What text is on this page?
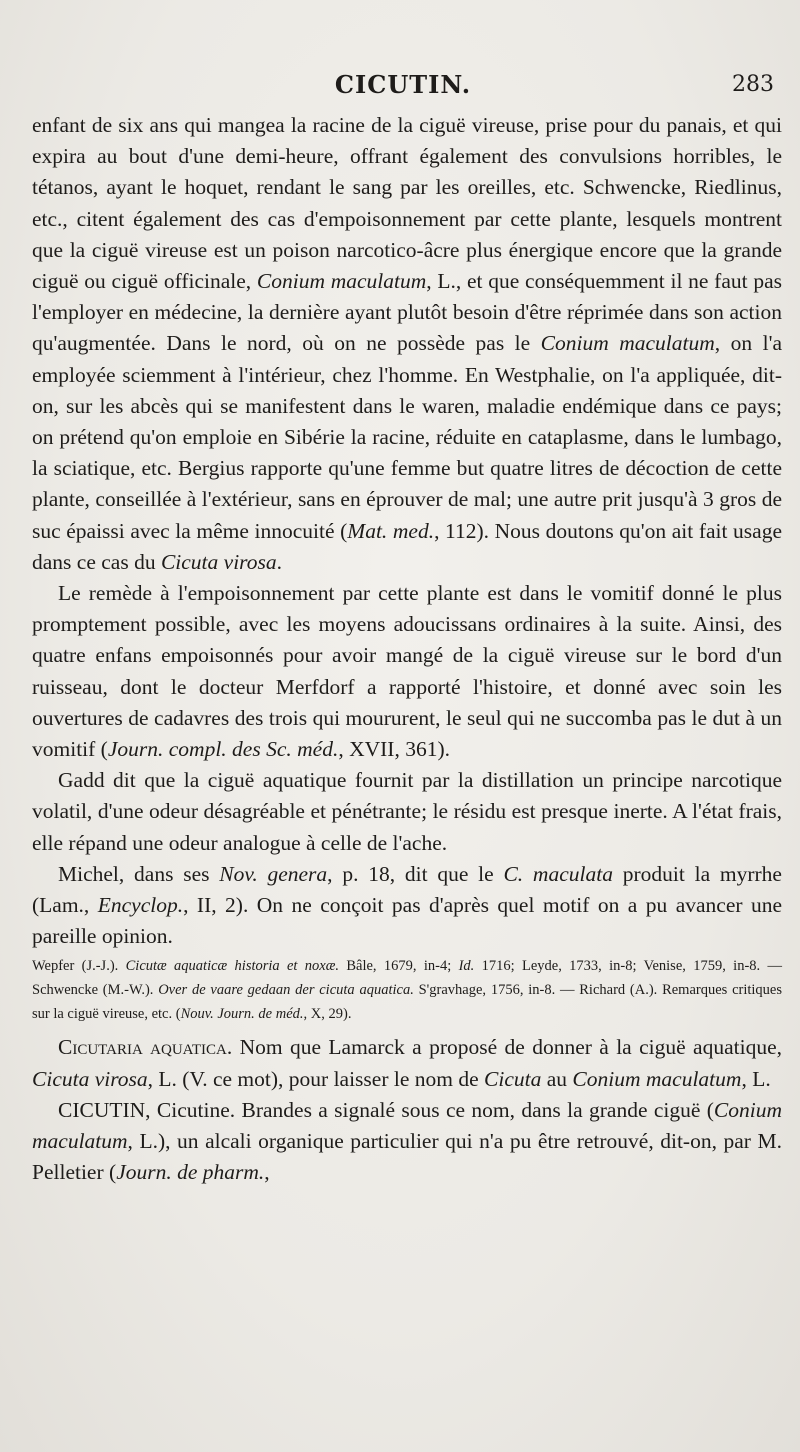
CICUTIN.	283

enfant de six ans qui mangea la racine de la ciguë vireuse, prise pour du panais, et qui expira au bout d'une demi-heure, offrant également des convulsions horribles, le tétanos, ayant le hoquet, rendant le sang par les oreilles, etc. Schwencke, Riedlinus, etc., citent également des cas d'empoisonnement par cette plante, lesquels montrent que la ciguë vireuse est un poison narcotico-âcre plus énergique encore que la grande ciguë ou ciguë officinale, Conium maculatum, L., et que conséquemment il ne faut pas l'employer en médecine, la dernière ayant plutôt besoin d'être réprimée dans son action qu'augmentée. Dans le nord, où on ne possède pas le Conium maculatum, on l'a employée sciemment à l'intérieur, chez l'homme. En Westphalie, on l'a appliquée, dit-on, sur les abcès qui se manifestent dans le waren, maladie endémique dans ce pays; on prétend qu'on emploie en Sibérie la racine, réduite en cataplasme, dans le lumbago, la sciatique, etc. Bergius rapporte qu'une femme but quatre litres de décoction de cette plante, conseillée à l'extérieur, sans en éprouver de mal; une autre prit jusqu'à 3 gros de suc épaissi avec la même innocuité (Mat. med., 112). Nous doutons qu'on ait fait usage dans ce cas du Cicuta virosa.

Le remède à l'empoisonnement par cette plante est dans le vomitif donné le plus promptement possible, avec les moyens adoucissans ordinaires à la suite. Ainsi, des quatre enfans empoisonnés pour avoir mangé de la ciguë vireuse sur le bord d'un ruisseau, dont le docteur Merfdorf a rapporté l'histoire, et donné avec soin les ouvertures de cadavres des trois qui moururent, le seul qui ne succomba pas le dut à un vomitif (Journ. compl. des Sc. méd., XVII, 361).

Gadd dit que la ciguë aquatique fournit par la distillation un principe narcotique volatil, d'une odeur désagréable et pénétrante; le résidu est presque inerte. A l'état frais, elle répand une odeur analogue à celle de l'ache.

Michel, dans ses Nov. genera, p. 18, dit que le C. maculata produit la myrrhe (Lam., Encyclop., II, 2). On ne conçoit pas d'après quel motif on a pu avancer une pareille opinion.

Wepfer (J.-J.). Cicutæ aquaticæ historia et noxæ. Bâle, 1679, in-4; Id. 1716; Leyde, 1733, in-8; Venise, 1759, in-8. — Schwencke (M.-W.). Over de vaare gedaan der cicuta aquatica. S'gravhage, 1756, in-8. — Richard (A.). Remarques critiques sur la ciguë vireuse, etc. (Nouv. Journ. de méd., X, 29).

Cicutaria aquatica. Nom que Lamarck a proposé de donner à la ciguë aquatique, Cicuta virosa, L. (V. ce mot), pour laisser le nom de Cicuta au Conium maculatum, L.

CICUTIN, Cicutine. Brandes a signalé sous ce nom, dans la grande ciguë (Conium maculatum, L.), un alcali organique particulier qui n'a pu être retrouvé, dit-on, par M. Pelletier (Journ. de pharm.,
